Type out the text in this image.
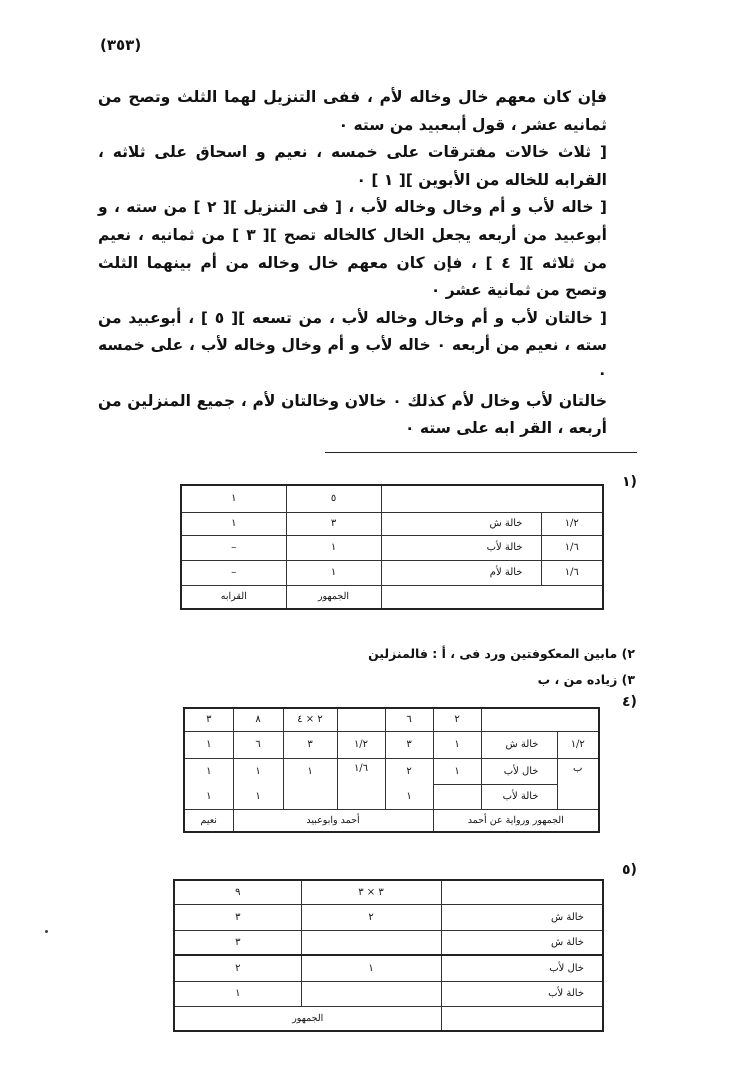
(٣٥٣)

فإن كان معهم خال وخاله لأم ، ففى التنزيل لهما الثلث وتصح من ثمانيه عشر ، قول أبىعبيد من سته ٠

[ ثلاث خالات مفترقات على خمسه ، نعيم و اسحاق على ثلاثه ، القرابه للخاله من الأبوين ][ ١ ] ٠

[ خاله لأب و أم وخال وخاله لأب ، [ فى التنزيل ][ ٢ ] من سته ، و أبوعبيد من أربعه يجعل الخال كالخاله تصح ][ ٣ ] من ثمانيه ، نعيم من ثلاثه ][ ٤ ] ، فإن كان معهم خال وخاله من أم بينهما الثلث وتصح من ثمانية عشر ٠

[ خالتان لأب و أم وخال وخاله لأب ، من تسعه ][ ٥ ] ، أبوعبيد من سته ، نعيم من أربعه ٠ خاله لأب و أم وخال وخاله لأب ، على خمسه ٠

خالتان لأب وخال لأم كذلك ٠ خالان وخالتان لأم ، جميع المنزلين من أربعه ، القر ابه على سته ٠

(١
		٥	١
١/٢	خالة ش	٣	١
١/٦	خالة لأب	١	–
١/٦	خالة لأم	١	–
		الجمهور	القرابه
٢) مابين المعكوفتين ورد فى ، أ : فالمنزلين
٣) زياده من ، ب
(٤
		٢	٦		٢ × ٤	٨	٣
١/٢	خالة ش	١	٣	١/٢	٣	٦	١
ب	خال لأب	١	٢	١/٦	١	١	١
	خالة لأب		١			١	١
الجمهور ورواية عن أحمد			أحمد وابوعبيد				نعيم
(٥
	٣ × ٣	٩
خالة ش	٢	٣
خالة ش		٣
خال لأب	١	٢
خالة لأب		١
	الجمهور	
